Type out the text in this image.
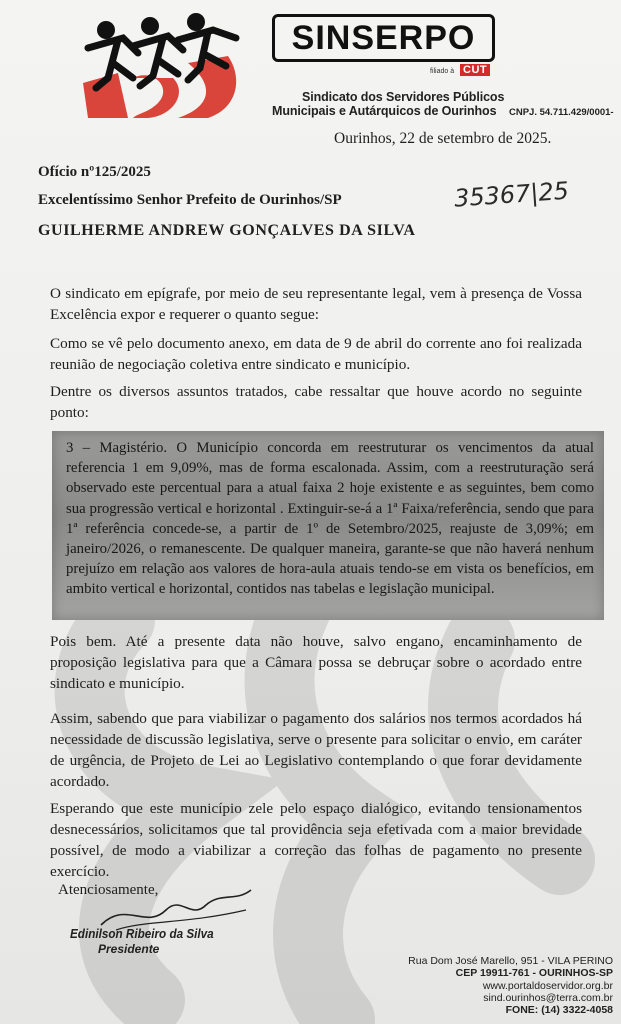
SINSERPO
filiado à CUT
Sindicato dos Servidores Públicos
Municipais e Autárquicos de Ourinhos CNPJ. 54.711.429/0001-
Ourinhos, 22 de setembro de 2025.
Ofício nº125/2025
Excelentíssimo Senhor Prefeito de Ourinhos/SP	35367|25
GUILHERME ANDREW GONÇALVES DA SILVA

O sindicato em epígrafe, por meio de seu representante legal, vem à presença de Vossa Excelência expor e requerer o quanto segue:

Como se vê pelo documento anexo, em data de 9 de abril do corrente ano foi realizada reunião de negociação coletiva entre sindicato e município.

Dentre os diversos assuntos tratados, cabe ressaltar que houve acordo no seguinte ponto:

3 – Magistério. O Município concorda em reestruturar os vencimentos da atual referencia 1 em 9,09%, mas de forma escalonada. Assim, com a reestruturação será observado este percentual para a atual faixa 2 hoje existente e as seguintes, bem como sua progressão vertical e horizontal . Extinguir-se-á a 1ª Faixa/referência, sendo que para 1ª referência concede-se, a partir de 1º de Setembro/2025, reajuste de 3,09%; em janeiro/2026, o remanescente. De qualquer maneira, garante-se que não haverá nenhum prejuízo em relação aos valores de hora-aula atuais tendo-se em vista os benefícios, em ambito vertical e horizontal, contidos nas tabelas e legislação municipal.

Pois bem. Até a presente data não houve, salvo engano, encaminhamento de proposição legislativa para que a Câmara possa se debruçar sobre o acordado entre sindicato e município.

Assim, sabendo que para viabilizar o pagamento dos salários nos termos acordados há necessidade de discussão legislativa, serve o presente para solicitar o envio, em caráter de urgência, de Projeto de Lei ao Legislativo contemplando o que forar devidamente acordado.

Esperando que este município zele pelo espaço dialógico, evitando tensionamentos desnecessários, solicitamos que tal providência seja efetivada com a maior brevidade possível, de modo a viabilizar a correção das folhas de pagamento no presente exercício.

Atenciosamente,
Edinilson Ribeiro da Silva
Presidente
Rua Dom José Marello, 951 - VILA PERINO
CEP 19911-761 - OURINHOS-SP
www.portaldoservidor.org.br
sind.ourinhos@terra.com.br
FONE: (14) 3322-4058
